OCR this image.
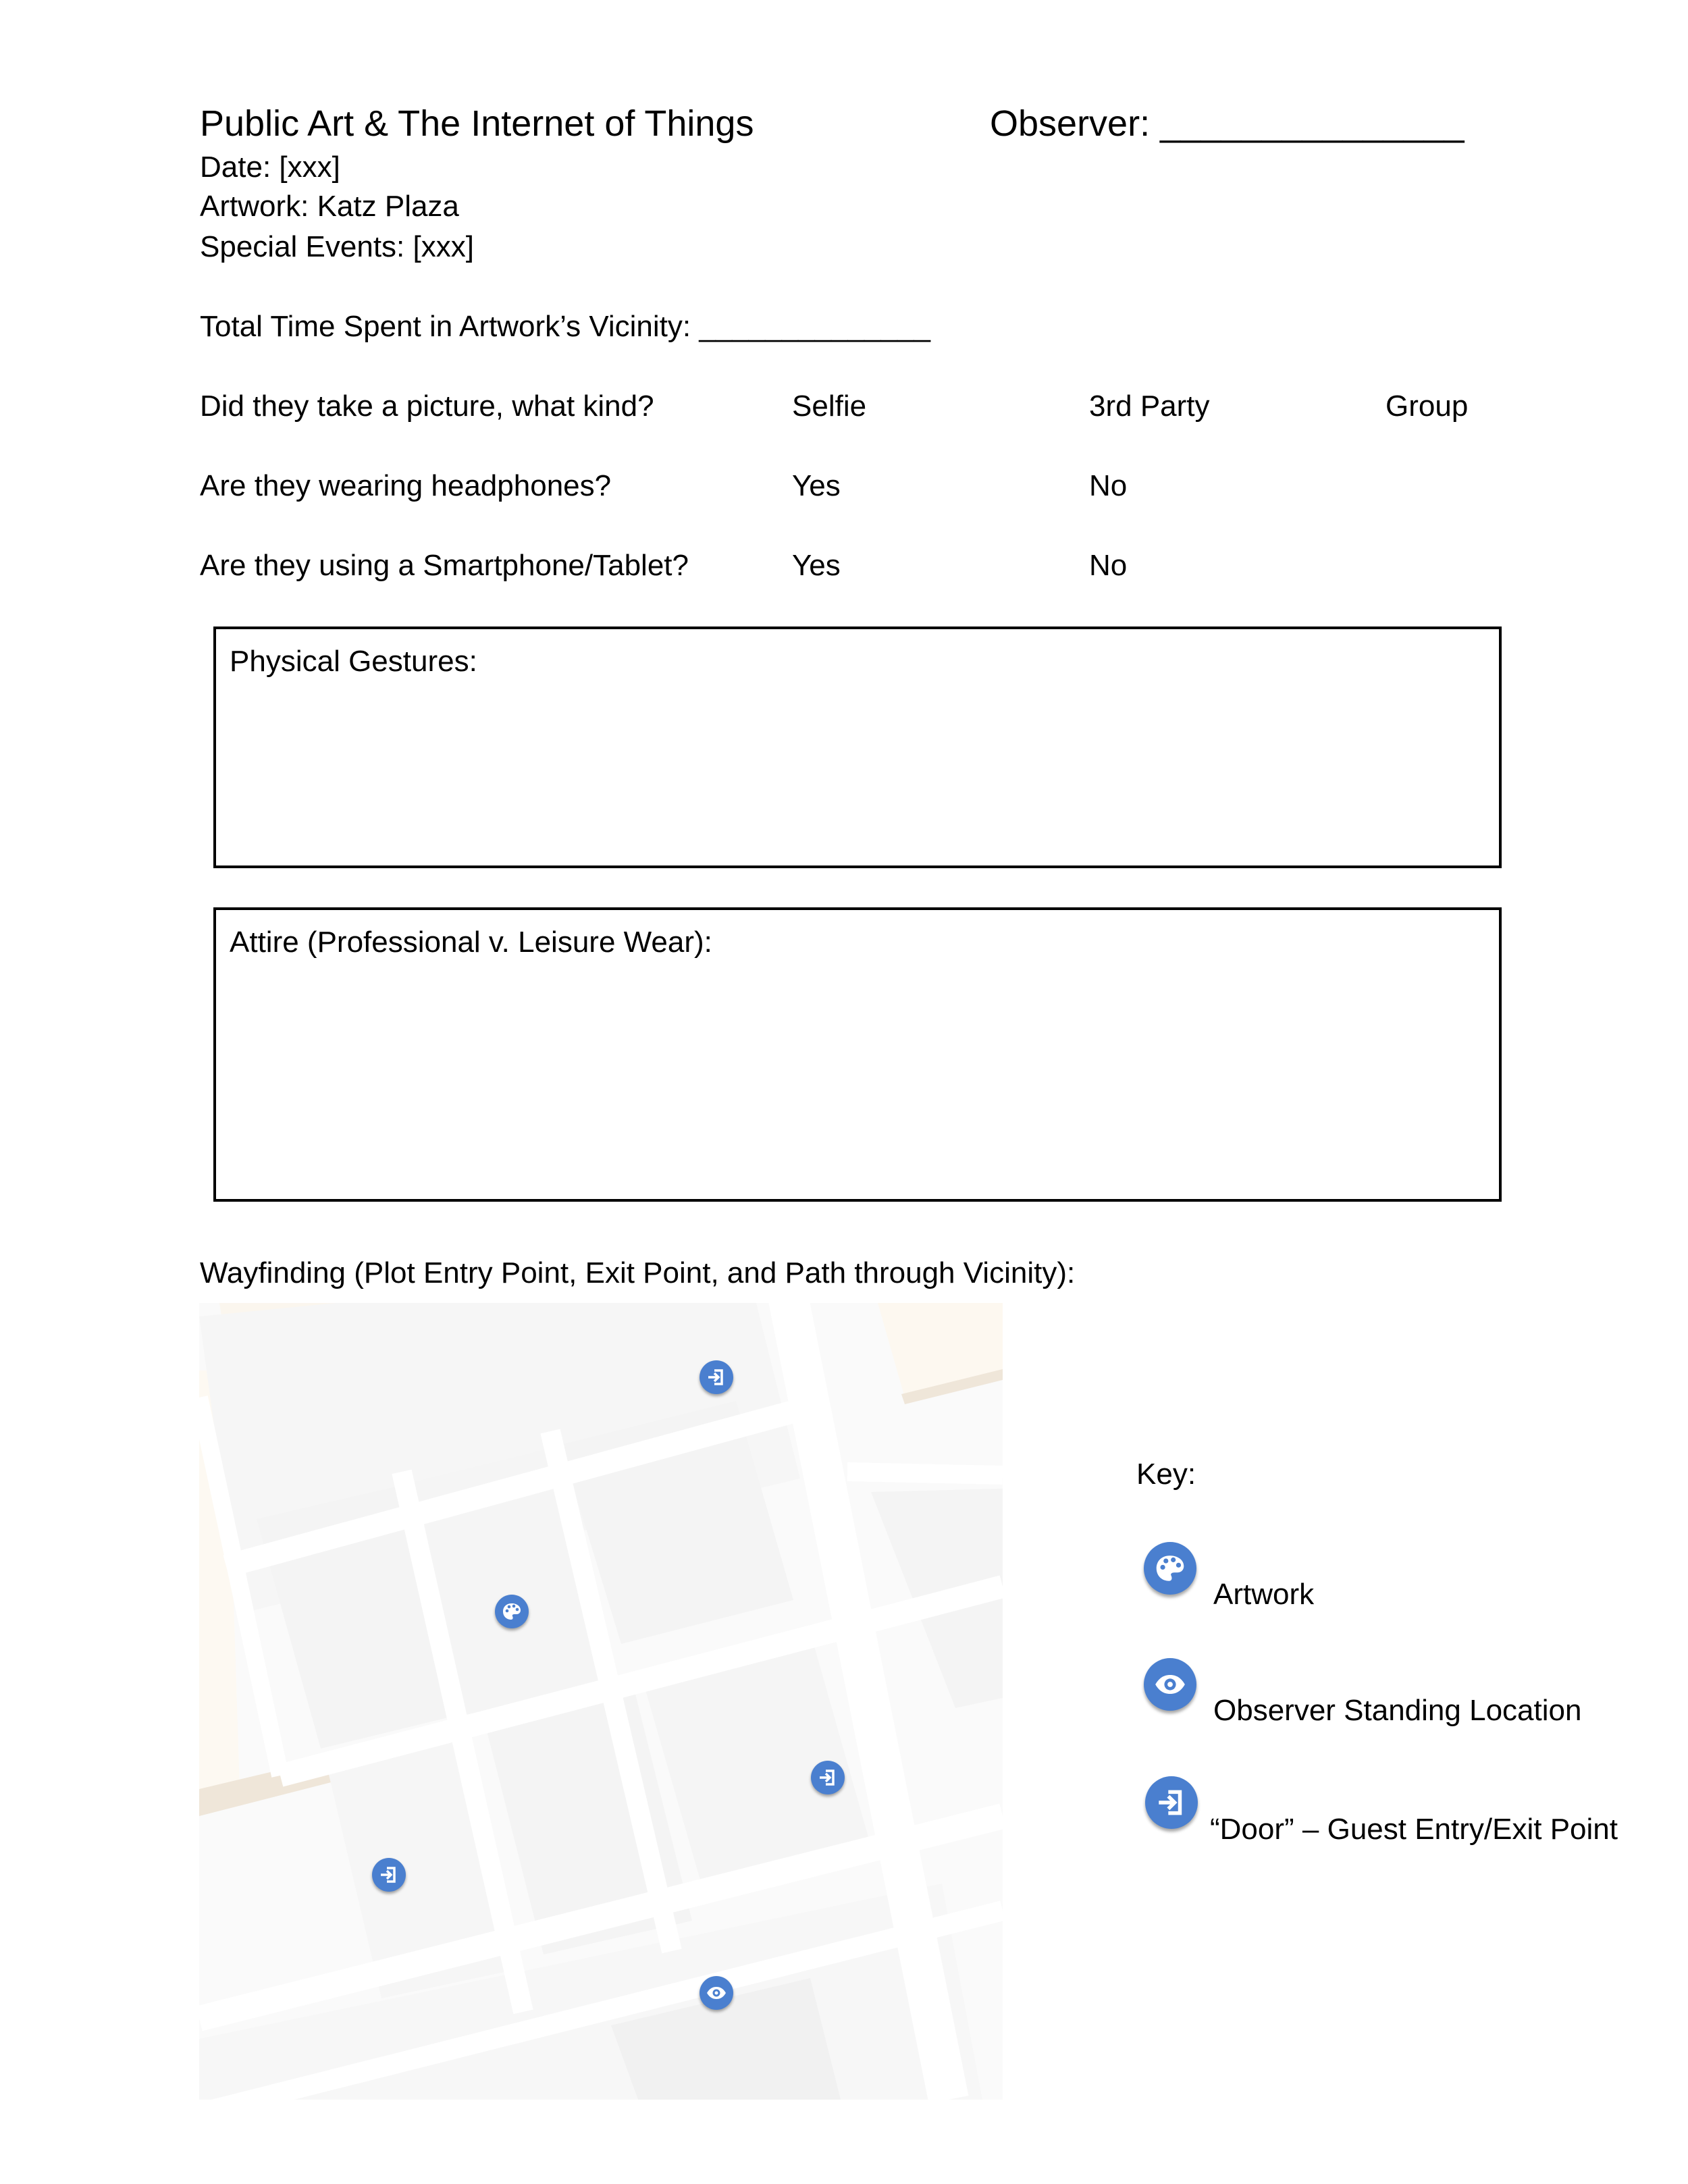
Public Art & The Internet of Things	Observer: _______________
Date: [xxx]
Artwork: Katz Plaza
Special Events: [xxx]
Total Time Spent in Artwork’s Vicinity: ______________
Did they take a picture, what kind?	Selfie	3rd Party	Group
Are they wearing headphones?	Yes	No
Are they using a Smartphone/Tablet?	Yes	No
Physical Gestures:
Attire (Professional v. Leisure Wear):
Wayfinding (Plot Entry Point, Exit Point, and Path through Vicinity):
Key:
Artwork
Observer Standing Location
“Door” – Guest Entry/Exit Point
